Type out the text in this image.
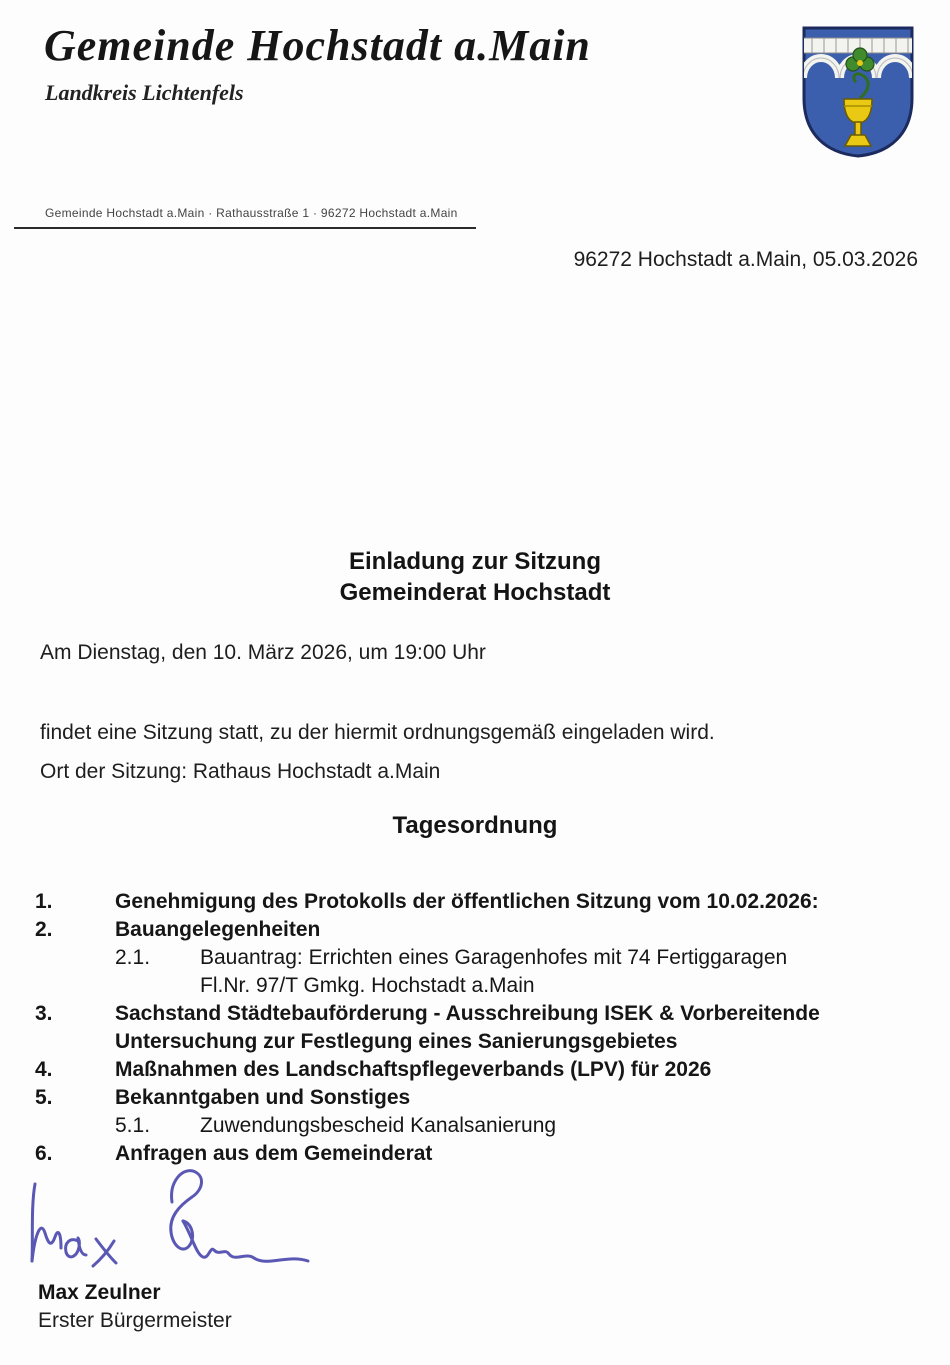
Gemeinde Hochstadt a.Main
Landkreis Lichtenfels
Gemeinde Hochstadt a.Main · Rathausstraße 1 · 96272 Hochstadt a.Main
96272 Hochstadt a.Main, 05.03.2026
Einladung zur Sitzung
Gemeinderat Hochstadt
Am Dienstag, den 10. März 2026, um 19:00 Uhr
findet eine Sitzung statt, zu der hiermit ordnungsgemäß eingeladen wird.
Ort der Sitzung: Rathaus Hochstadt a.Main
Tagesordnung
1.	Genehmigung des Protokolls der öffentlichen Sitzung vom 10.02.2026:
2.	Bauangelegenheiten
2.1.	Bauantrag: Errichten eines Garagenhofes mit 74 Fertiggaragen
Fl.Nr. 97/T Gmkg. Hochstadt a.Main
3.	Sachstand Städtebauförderung - Ausschreibung ISEK & Vorbereitende
Untersuchung zur Festlegung eines Sanierungsgebietes
4.	Maßnahmen des Landschaftspflegeverbands (LPV) für 2026
5.	Bekanntgaben und Sonstiges
5.1.	Zuwendungsbescheid Kanalsanierung
6.	Anfragen aus dem Gemeinderat
Max Zeulner
Erster Bürgermeister
